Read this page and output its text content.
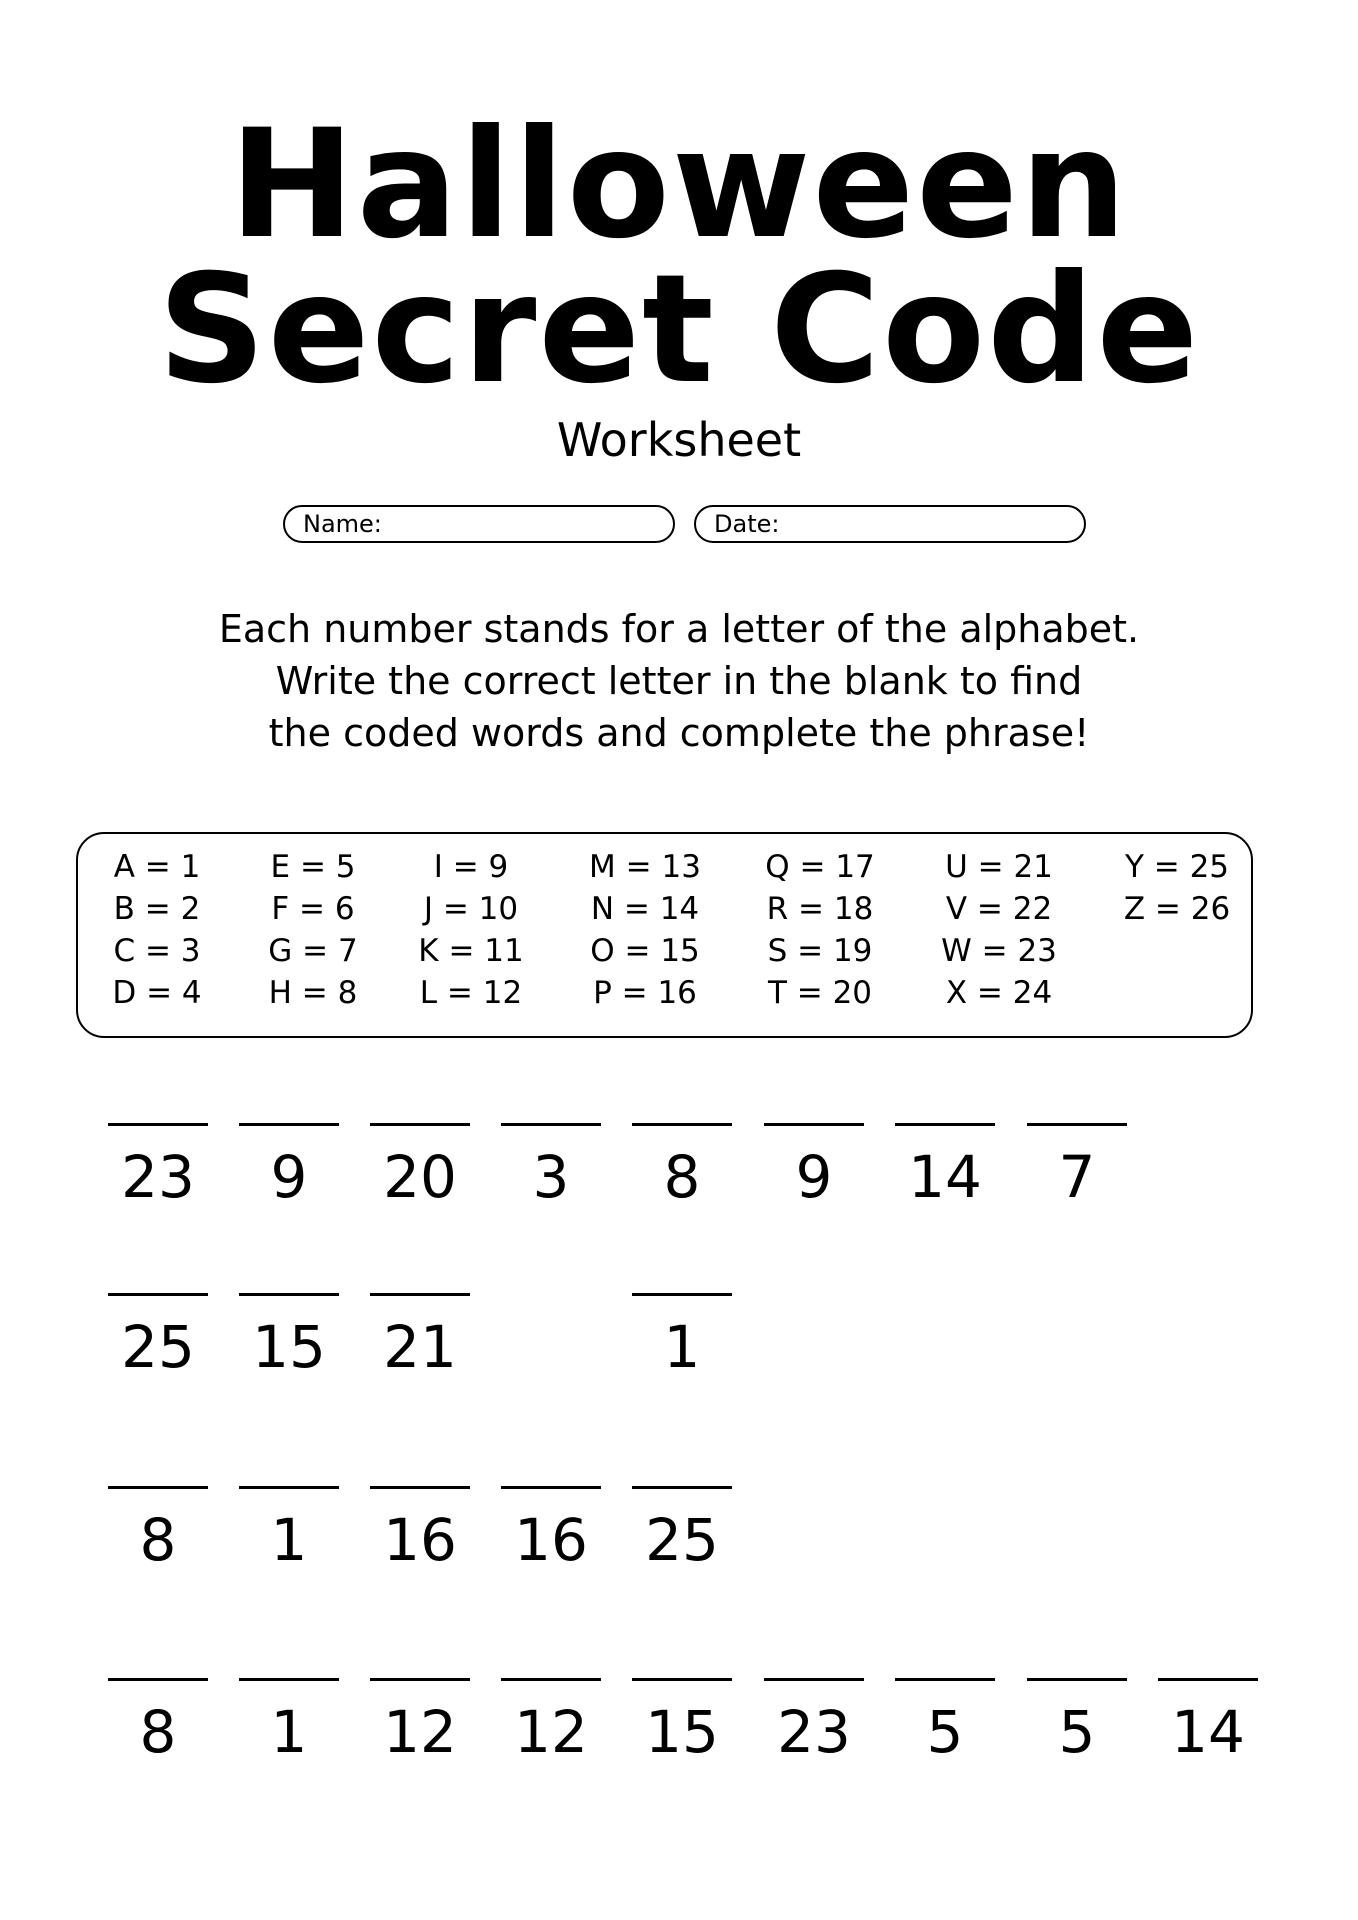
Halloween
Secret Code
Worksheet
Name:	Date:
Each number stands for a letter of the alphabet.
Write the correct letter in the blank to find
the coded words and complete the phrase!
A = 1
B = 2
C = 3
D = 4
E = 5
F = 6
G = 7
H = 8
I = 9
J = 10
K = 11
L = 12
M = 13
N = 14
O = 15
P = 16
Q = 17
R = 18
S = 19
T = 20
U = 21
V = 22
W = 23
X = 24
Y = 25
Z = 26
23	9	20	3	8	9	14	7
25 15 21	1
8	1	16 16 25
8	1	12 12 15 23	5	5	14
